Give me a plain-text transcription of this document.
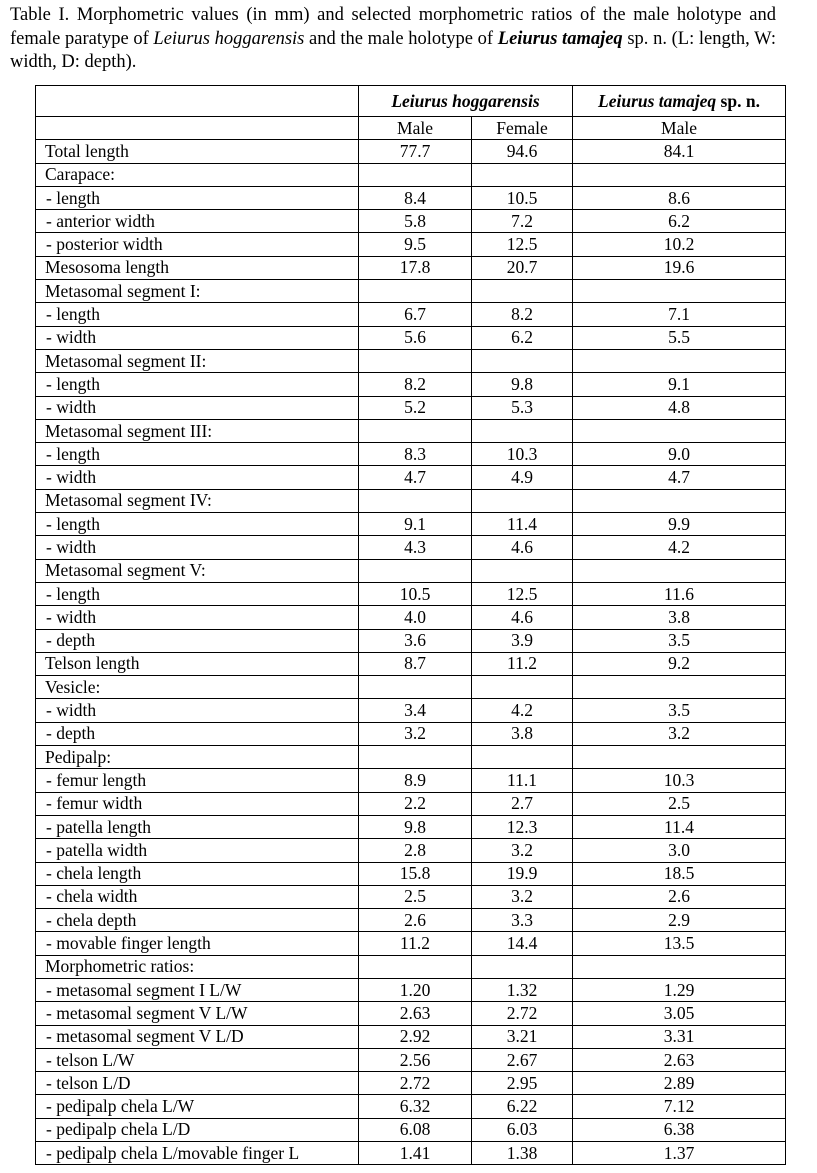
Table I. Morphometric values (in mm) and selected morphometric ratios of the male holotype and female paratype of Leiurus hoggarensis and the male holotype of Leiurus tamajeq sp. n. (L: length, W: width, D: depth).
	Leiurus hoggarensis		Leiurus tamajeq sp. n.
	Male	Female	Male
Total length	77.7	94.6	84.1
Carapace:			
- length	8.4	10.5	8.6
- anterior width	5.8	7.2	6.2
- posterior width	9.5	12.5	10.2
Mesosoma length	17.8	20.7	19.6
Metasomal segment I:			
- length	6.7	8.2	7.1
- width	5.6	6.2	5.5
Metasomal segment II:			
- length	8.2	9.8	9.1
- width	5.2	5.3	4.8
Metasomal segment III:			
- length	8.3	10.3	9.0
- width	4.7	4.9	4.7
Metasomal segment IV:			
- length	9.1	11.4	9.9
- width	4.3	4.6	4.2
Metasomal segment V:			
- length	10.5	12.5	11.6
- width	4.0	4.6	3.8
- depth	3.6	3.9	3.5
Telson length	8.7	11.2	9.2
Vesicle:			
- width	3.4	4.2	3.5
- depth	3.2	3.8	3.2
Pedipalp:			
- femur length	8.9	11.1	10.3
- femur width	2.2	2.7	2.5
- patella length	9.8	12.3	11.4
- patella width	2.8	3.2	3.0
- chela length	15.8	19.9	18.5
- chela width	2.5	3.2	2.6
- chela depth	2.6	3.3	2.9
- movable finger length	11.2	14.4	13.5
Morphometric ratios:			
- metasomal segment I L/W	1.20	1.32	1.29
- metasomal segment V L/W	2.63	2.72	3.05
- metasomal segment V L/D	2.92	3.21	3.31
- telson L/W	2.56	2.67	2.63
- telson L/D	2.72	2.95	2.89
- pedipalp chela L/W	6.32	6.22	7.12
- pedipalp chela L/D	6.08	6.03	6.38
- pedipalp chela L/movable finger L	1.41	1.38	1.37
